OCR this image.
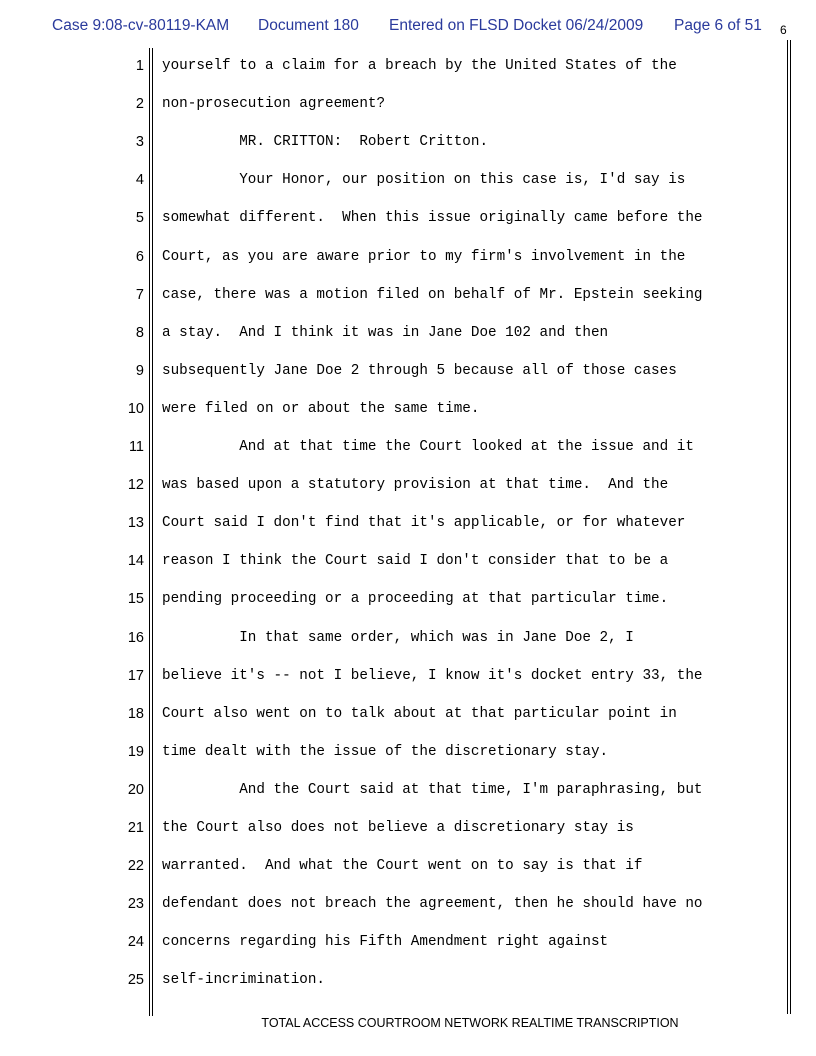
Case 9:08-cv-80119-KAM Document 180 Entered on FLSD Docket 06/24/2009 Page 6 of 51 6
1 yourself to a claim for a breach by the United States of the
2 non-prosecution agreement?
3 MR. CRITTON:  Robert Critton.
4 Your Honor, our position on this case is, I'd say is
5 somewhat different.  When this issue originally came before the
6 Court, as you are aware prior to my firm's involvement in the
7 case, there was a motion filed on behalf of Mr. Epstein seeking
8 a stay.  And I think it was in Jane Doe 102 and then
9 subsequently Jane Doe 2 through 5 because all of those cases
10 were filed on or about the same time.
11 And at that time the Court looked at the issue and it
12 was based upon a statutory provision at that time.  And the
13 Court said I don't find that it's applicable, or for whatever
14 reason I think the Court said I don't consider that to be a
15 pending proceeding or a proceeding at that particular time.
16 In that same order, which was in Jane Doe 2, I
17 believe it's -- not I believe, I know it's docket entry 33, the
18 Court also went on to talk about at that particular point in
19 time dealt with the issue of the discretionary stay.
20 And the Court said at that time, I'm paraphrasing, but
21 the Court also does not believe a discretionary stay is
22 warranted.  And what the Court went on to say is that if
23 defendant does not breach the agreement, then he should have no
24 concerns regarding his Fifth Amendment right against
25 self-incrimination.
TOTAL ACCESS COURTROOM NETWORK REALTIME TRANSCRIPTION
